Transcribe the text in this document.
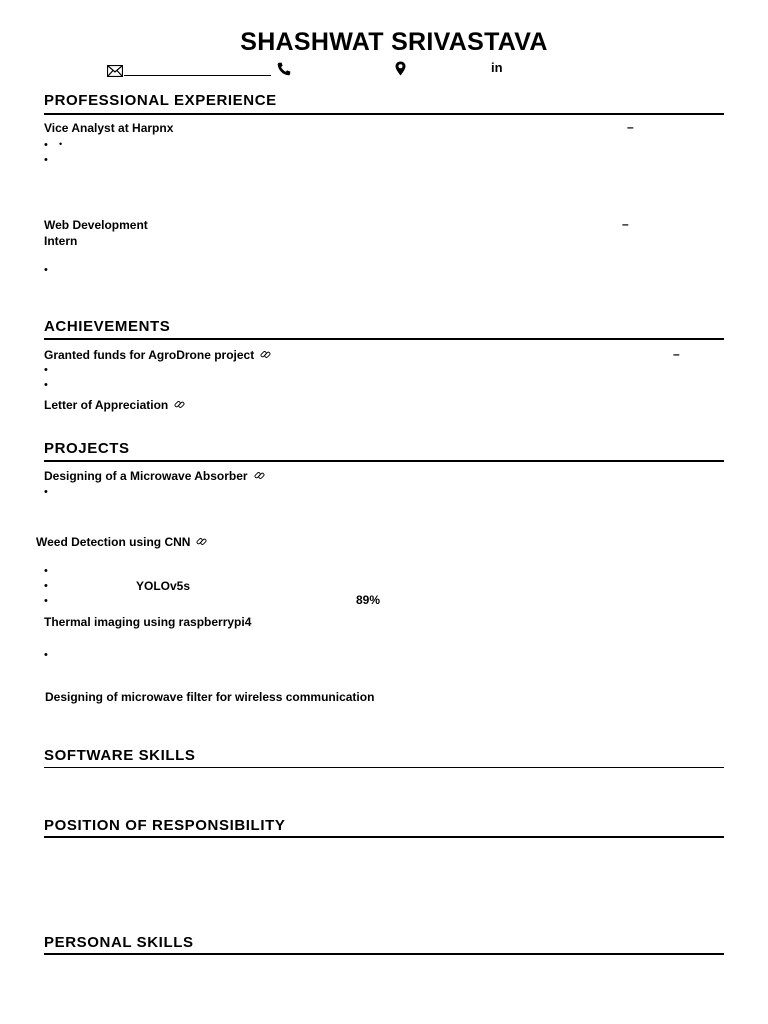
SHASHWAT SRIVASTAVA
in
PROFESSIONAL EXPERIENCE
Vice Analyst at Harpnx	–
• •
•
Web Development
Intern
–
•
ACHIEVEMENTS
Granted funds for AgroDrone project	–
•
•
Letter of Appreciation
PROJECTS
Designing of a Microwave Absorber
•
Weed Detection using CNN
•
•	YOLOv5s
•	89%
Thermal imaging using raspberrypi4
•
Designing of microwave filter for wireless communication
SOFTWARE SKILLS
POSITION OF RESPONSIBILITY
PERSONAL SKILLS
